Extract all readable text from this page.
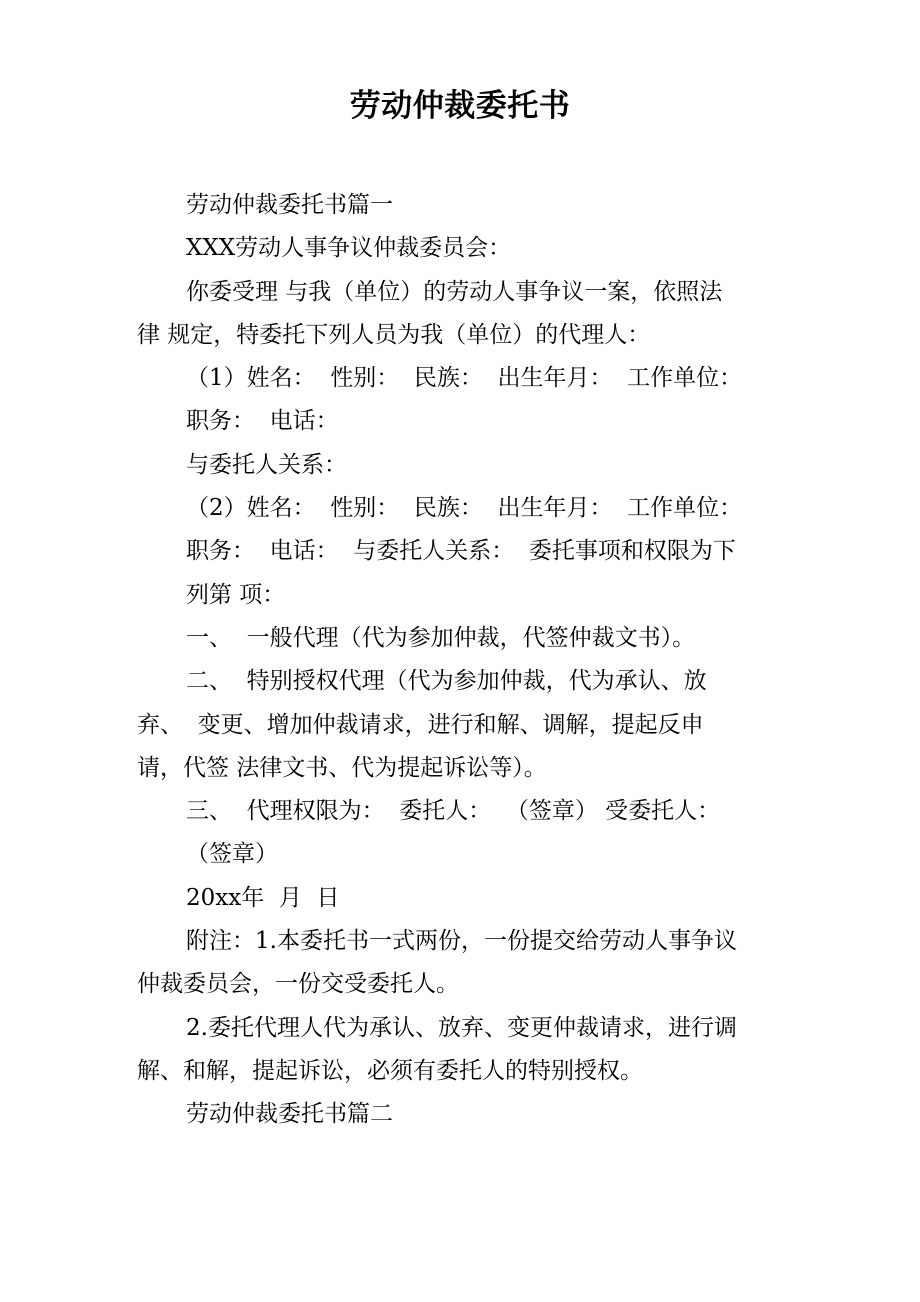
劳动仲裁委托书
劳动仲裁委托书篇一
XXX劳动人事争议仲裁委员会：
你委受理 与我（单位）的劳动人事争议一案，依照法
律 规定，特委托下列人员为我（单位）的代理人：
（1）姓名：  性别：  民族：  出生年月：  工作单位：
职务：  电话：
与委托人关系：
（2）姓名：  性别：  民族：  出生年月：  工作单位：
职务：  电话：  与委托人关系：  委托事项和权限为下
列第 项：
一、  一般代理（代为参加仲裁，代签仲裁文书）。
二、  特别授权代理（代为参加仲裁，代为承认、放
弃、  变更、增加仲裁请求，进行和解、调解，提起反申
请，代签 法律文书、代为提起诉讼等）。
三、  代理权限为：  委托人：  （签章） 受委托人：
（签章）
20xx年  月  日
附注：1.本委托书一式两份，一份提交给劳动人事争议
仲裁委员会，一份交受委托人。
2.委托代理人代为承认、放弃、变更仲裁请求，进行调
解、和解，提起诉讼，必须有委托人的特别授权。
劳动仲裁委托书篇二
